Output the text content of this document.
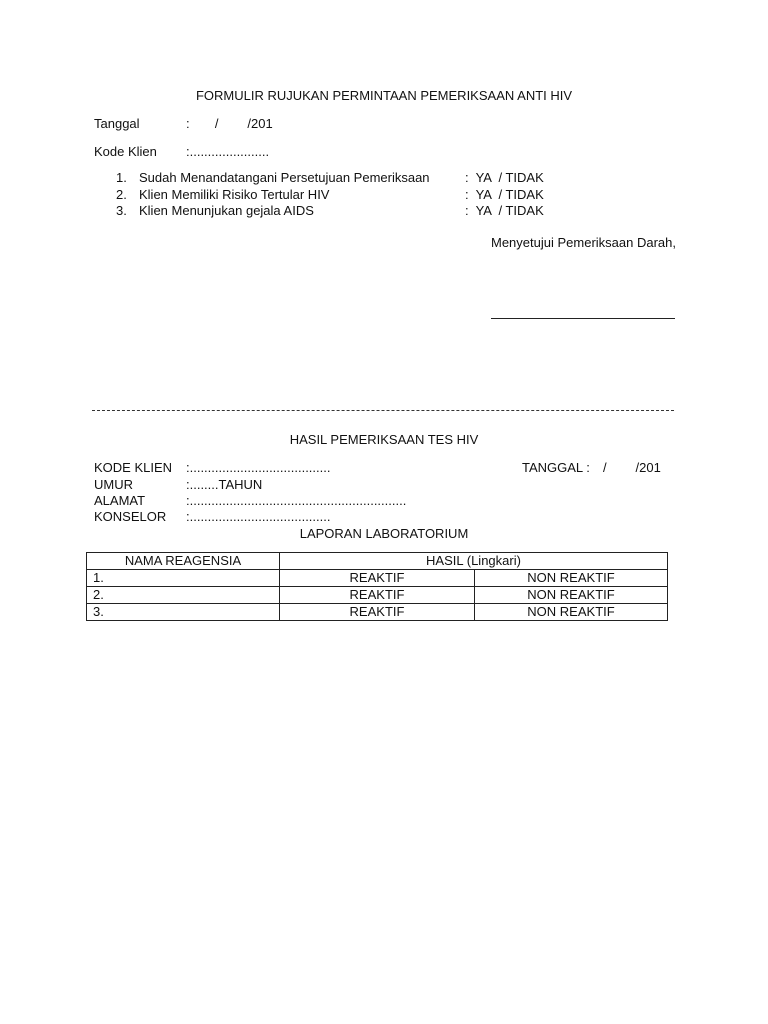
FORMULIR RUJUKAN PERMINTAAN PEMERIKSAAN ANTI HIV
Tanggal	:       /        /201
Kode Klien :......................
1. Sudah Menandatangani Persetujuan Pemeriksaan	:  YA  / TIDAK
2. Klien Memiliki Risiko Tertular HIV	:  YA  / TIDAK
3. Klien Menunjukan gejala AIDS	:  YA  / TIDAK
Menyetujui Pemeriksaan Darah,
HASIL PEMERIKSAAN TES HIV
KODE KLIEN :.......................................	TANGGAL : /        /201
UMUR	:........TAHUN
ALAMAT	:............................................................
KONSELOR :.......................................
LAPORAN LABORATORIUM
NAMA REAGENSIA	HASIL (Lingkari)	
1.	REAKTIF	NON REAKTIF
2.	REAKTIF	NON REAKTIF
3.	REAKTIF	NON REAKTIF
